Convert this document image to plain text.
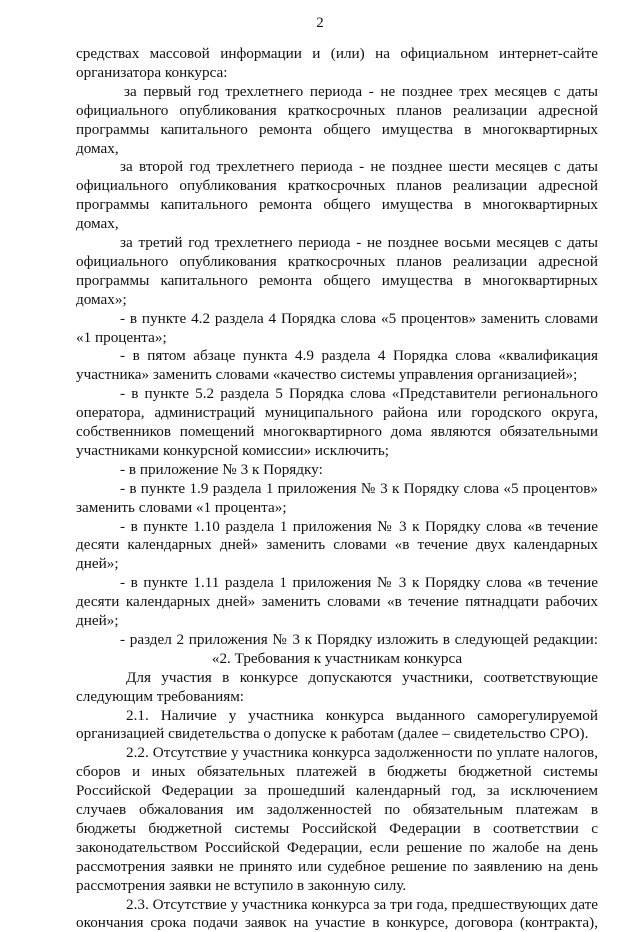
2
средствах массовой информации и (или) на официальном интернет-сайте
организатора конкурса:
за первый год трехлетнего периода - не позднее трех месяцев с даты
официального опубликования краткосрочных планов реализации адресной
программы капитального ремонта общего имущества в многоквартирных
домах,
за второй год трехлетнего периода - не позднее шести месяцев с даты
официального опубликования краткосрочных планов реализации адресной
программы капитального ремонта общего имущества в многоквартирных
домах,
за третий год трехлетнего периода - не позднее восьми месяцев с даты
официального опубликования краткосрочных планов реализации адресной
программы капитального ремонта общего имущества в многоквартирных
домах»;
- в пункте 4.2 раздела 4 Порядка слова «5 процентов» заменить словами
«1 процента»;
- в пятом абзаце пункта 4.9 раздела 4 Порядка слова «квалификация
участника» заменить словами «качество системы управления организацией»;
- в пункте 5.2 раздела 5 Порядка слова «Представители регионального
оператора, администраций муниципального района или городского округа,
собственников помещений многоквартирного дома являются обязательными
участниками конкурсной комиссии» исключить;
- в приложение № 3 к Порядку:
- в пункте 1.9 раздела 1 приложения № 3 к Порядку слова «5 процентов»
заменить словами «1 процента»;
- в пункте 1.10 раздела 1 приложения № 3 к Порядку слова «в течение
десяти календарных дней» заменить словами «в течение двух календарных
дней»;
- в пункте 1.11 раздела 1 приложения № 3 к Порядку слова «в течение
десяти календарных дней» заменить словами «в течение пятнадцати рабочих
дней»;
- раздел 2 приложения № 3 к Порядку изложить в следующей редакции:
«2. Требования к участникам конкурса
Для участия в конкурсе допускаются участники, соответствующие
следующим требованиям:
2.1. Наличие у участника конкурса выданного саморегулируемой
организацией свидетельства о допуске к работам (далее – свидетельство СРО).
2.2. Отсутствие у участника конкурса задолженности по уплате налогов,
сборов и иных обязательных платежей в бюджеты бюджетной системы
Российской Федерации за прошедший календарный год, за исключением
случаев обжалования им задолженностей по обязательным платежам в
бюджеты бюджетной системы Российской Федерации в соответствии с
законодательством Российской Федерации, если решение по жалобе на день
рассмотрения заявки не принято или судебное решение по заявлению на день
рассмотрения заявки не вступило в законную силу.
2.3. Отсутствие у участника конкурса за три года, предшествующих дате
окончания срока подачи заявок на участие в конкурсе, договора (контракта),
